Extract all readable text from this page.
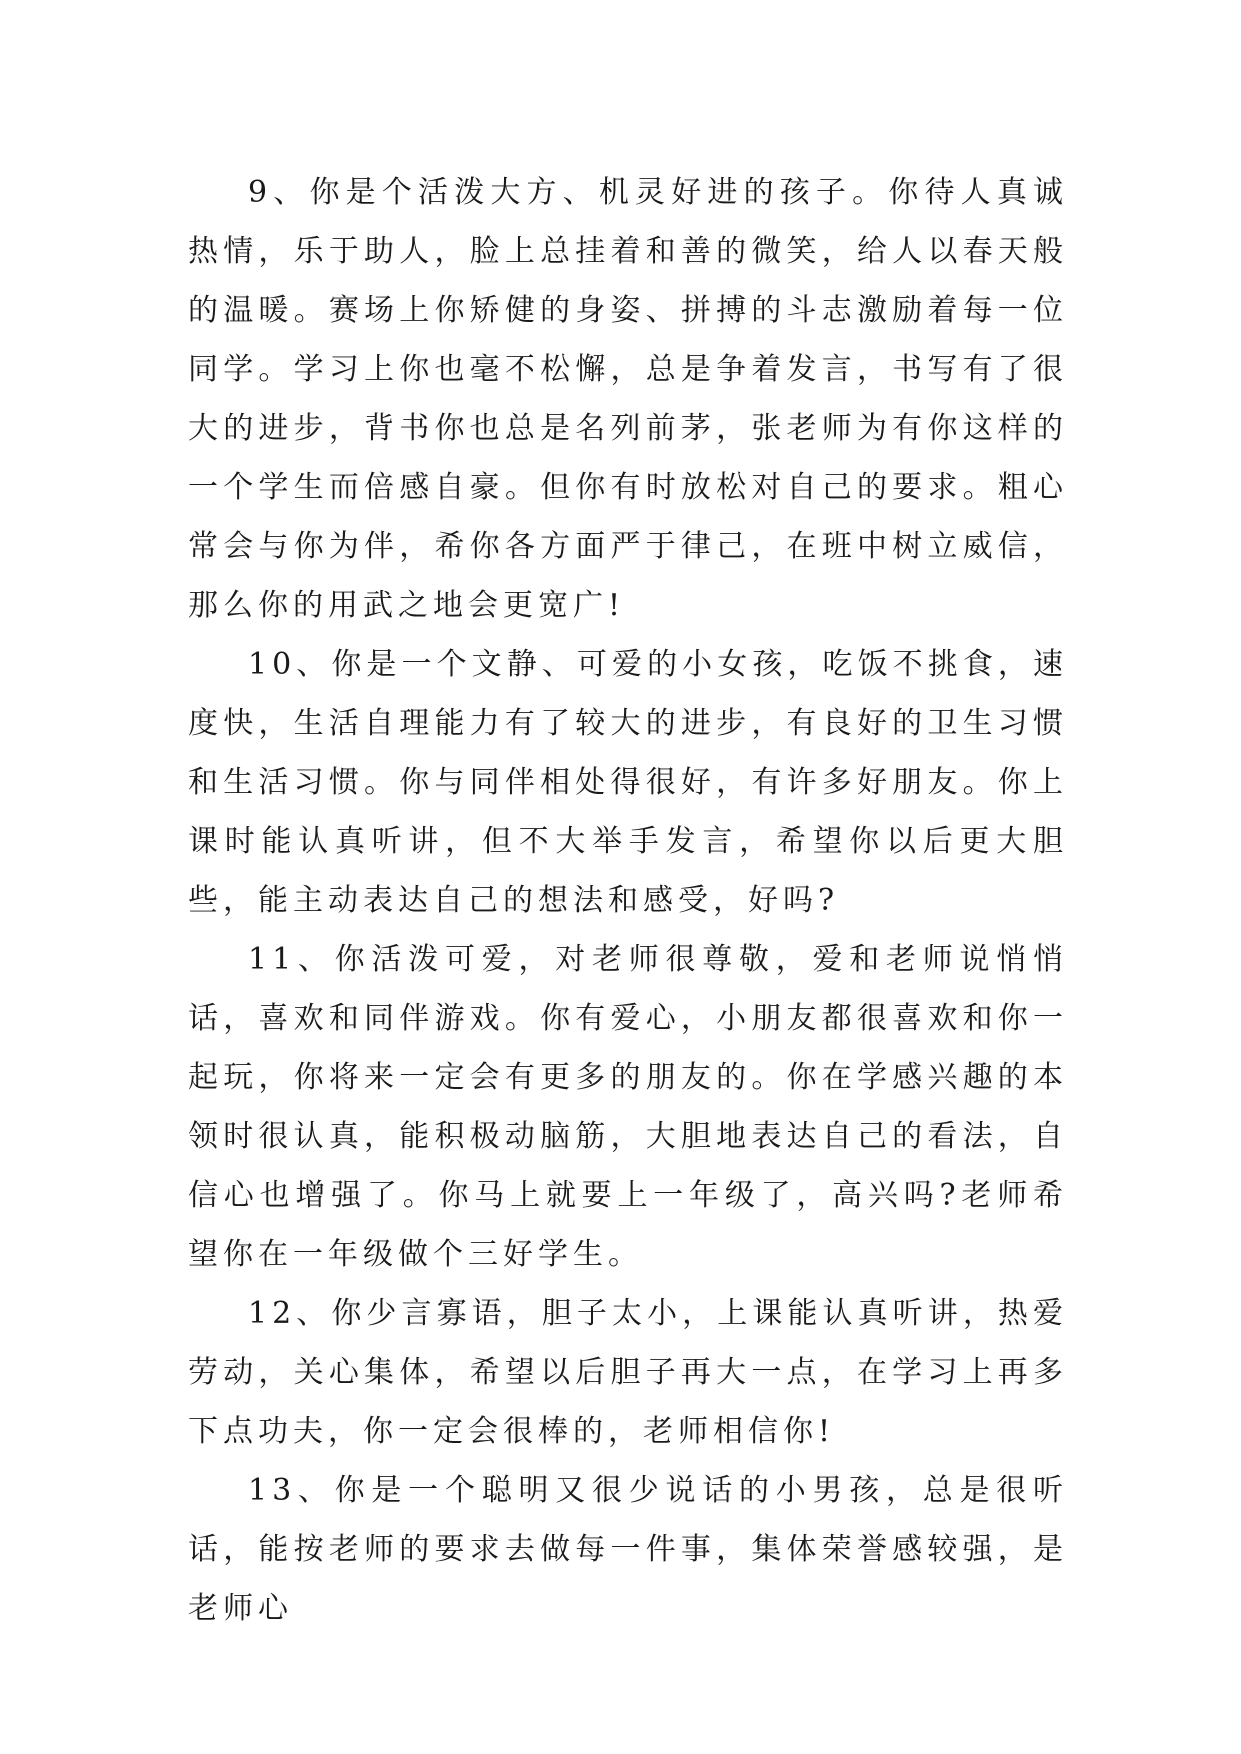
9、你是个活泼大方、机灵好进的孩子。你待人真诚热情，乐于助人，脸上总挂着和善的微笑，给人以春天般的温暖。赛场上你矫健的身姿、拼搏的斗志激励着每一位同学。学习上你也毫不松懈，总是争着发言，书写有了很大的进步，背书你也总是名列前茅，张老师为有你这样的一个学生而倍感自豪。但你有时放松对自己的要求。粗心常会与你为伴，希你各方面严于律己，在班中树立威信，那么你的用武之地会更宽广!

10、你是一个文静、可爱的小女孩，吃饭不挑食，速度快，生活自理能力有了较大的进步，有良好的卫生习惯和生活习惯。你与同伴相处得很好，有许多好朋友。你上课时能认真听讲，但不大举手发言，希望你以后更大胆些，能主动表达自己的想法和感受，好吗?

11、你活泼可爱，对老师很尊敬，爱和老师说悄悄话，喜欢和同伴游戏。你有爱心，小朋友都很喜欢和你一起玩，你将来一定会有更多的朋友的。你在学感兴趣的本领时很认真，能积极动脑筋，大胆地表达自己的看法，自信心也增强了。你马上就要上一年级了，高兴吗?老师希望你在一年级做个三好学生。

12、你少言寡语，胆子太小，上课能认真听讲，热爱劳动，关心集体，希望以后胆子再大一点，在学习上再多下点功夫，你一定会很棒的，老师相信你!

13、你是一个聪明又很少说话的小男孩，总是很听话，能按老师的要求去做每一件事，集体荣誉感较强，是老师心
